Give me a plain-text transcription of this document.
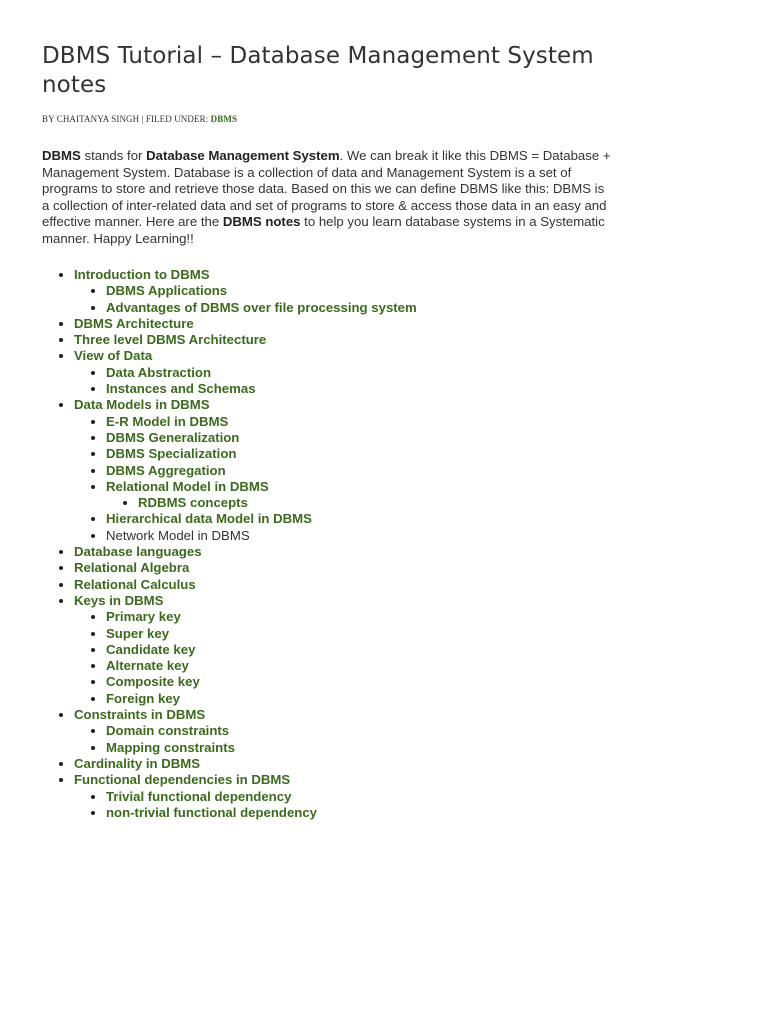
DBMS Tutorial – Database Management System notes
BY CHAITANYA SINGH | FILED UNDER: DBMS

DBMS stands for Database Management System. We can break it like this DBMS = Database + Management System. Database is a collection of data and Management System is a set of programs to store and retrieve those data. Based on this we can define DBMS like this: DBMS is a collection of inter-related data and set of programs to store & access those data in an easy and effective manner. Here are the DBMS notes to help you learn database systems in a Systematic manner. Happy Learning!!

• Introduction to DBMS
• DBMS Applications
• Advantages of DBMS over file processing system
• DBMS Architecture
• Three level DBMS Architecture
• View of Data
• Data Abstraction
• Instances and Schemas
• Data Models in DBMS
• E-R Model in DBMS
• DBMS Generalization
• DBMS Specialization
• DBMS Aggregation
• Relational Model in DBMS
• RDBMS concepts
• Hierarchical data Model in DBMS
• Network Model in DBMS
• Database languages
• Relational Algebra
• Relational Calculus
• Keys in DBMS
• Primary key
• Super key
• Candidate key
• Alternate key
• Composite key
• Foreign key
• Constraints in DBMS
• Domain constraints
• Mapping constraints
• Cardinality in DBMS
• Functional dependencies in DBMS
• Trivial functional dependency
• non-trivial functional dependency
